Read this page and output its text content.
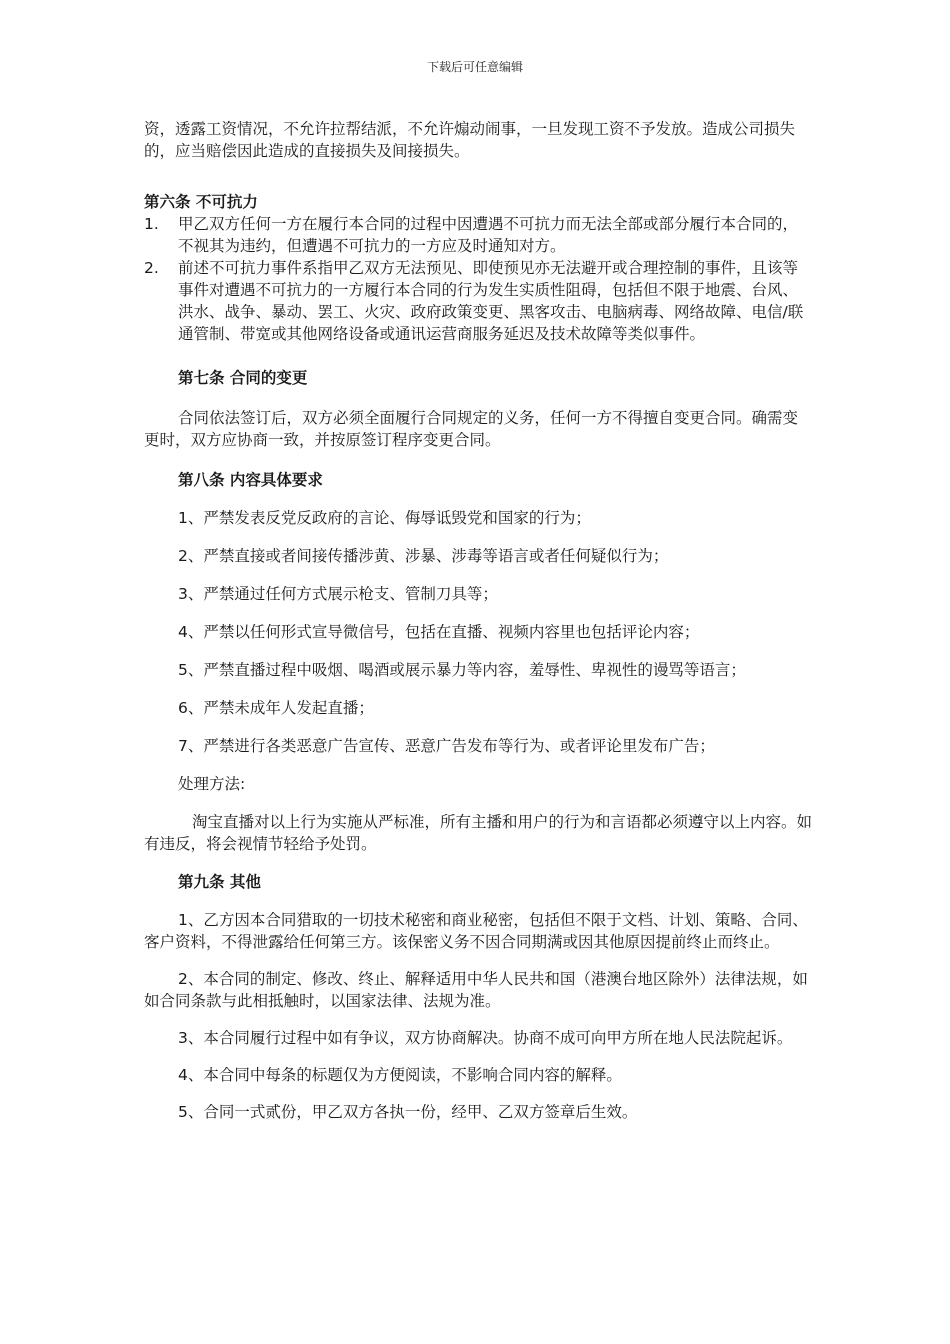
下载后可任意编辑

资，透露工资情况，不允许拉帮结派，不允许煽动闹事，一旦发现工资不予发放。造成公司损失的，应当赔偿因此造成的直接损失及间接损失。

第六条 不可抗力

1. 甲乙双方任何一方在履行本合同的过程中因遭遇不可抗力而无法全部或部分履行本合同的，不视其为违约，但遭遇不可抗力的一方应及时通知对方。
2. 前述不可抗力事件系指甲乙双方无法预见、即使预见亦无法避开或合理控制的事件，且该等事件对遭遇不可抗力的一方履行本合同的行为发生实质性阻碍，包括但不限于地震、台风、洪水、战争、暴动、罢工、火灾、政府政策变更、黑客攻击、电脑病毒、网络故障、电信/联通管制、带宽或其他网络设备或通讯运营商服务延迟及技术故障等类似事件。

第七条 合同的变更

合同依法签订后，双方必须全面履行合同规定的义务，任何一方不得擅自变更合同。确需变更时，双方应协商一致，并按原签订程序变更合同。

第八条 内容具体要求

1、严禁发表反党反政府的言论、侮辱诋毁党和国家的行为；

2、严禁直接或者间接传播涉黄、涉暴、涉毒等语言或者任何疑似行为；

3、严禁通过任何方式展示枪支、管制刀具等；

4、严禁以任何形式宣导微信号，包括在直播、视频内容里也包括评论内容；

5、严禁直播过程中吸烟、喝酒或展示暴力等内容，羞辱性、卑视性的谩骂等语言；

6、严禁未成年人发起直播；

7、严禁进行各类恶意广告宣传、恶意广告发布等行为、或者评论里发布广告；

处理方法:

淘宝直播对以上行为实施从严标准，所有主播和用户的行为和言语都必须遵守以上内容。如有违反，将会视情节轻给予处罚。

第九条 其他

1、乙方因本合同猎取的一切技术秘密和商业秘密，包括但不限于文档、计划、策略、合同、客户资料，不得泄露给任何第三方。该保密义务不因合同期满或因其他原因提前终止而终止。

2、本合同的制定、修改、终止、解释适用中华人民共和国（港澳台地区除外）法律法规，如如合同条款与此相抵触时，以国家法律、法规为准。

3、本合同履行过程中如有争议，双方协商解决。协商不成可向甲方所在地人民法院起诉。

4、本合同中每条的标题仅为方便阅读，不影响合同内容的解释。

5、合同一式贰份，甲乙双方各执一份，经甲、乙双方签章后生效。
